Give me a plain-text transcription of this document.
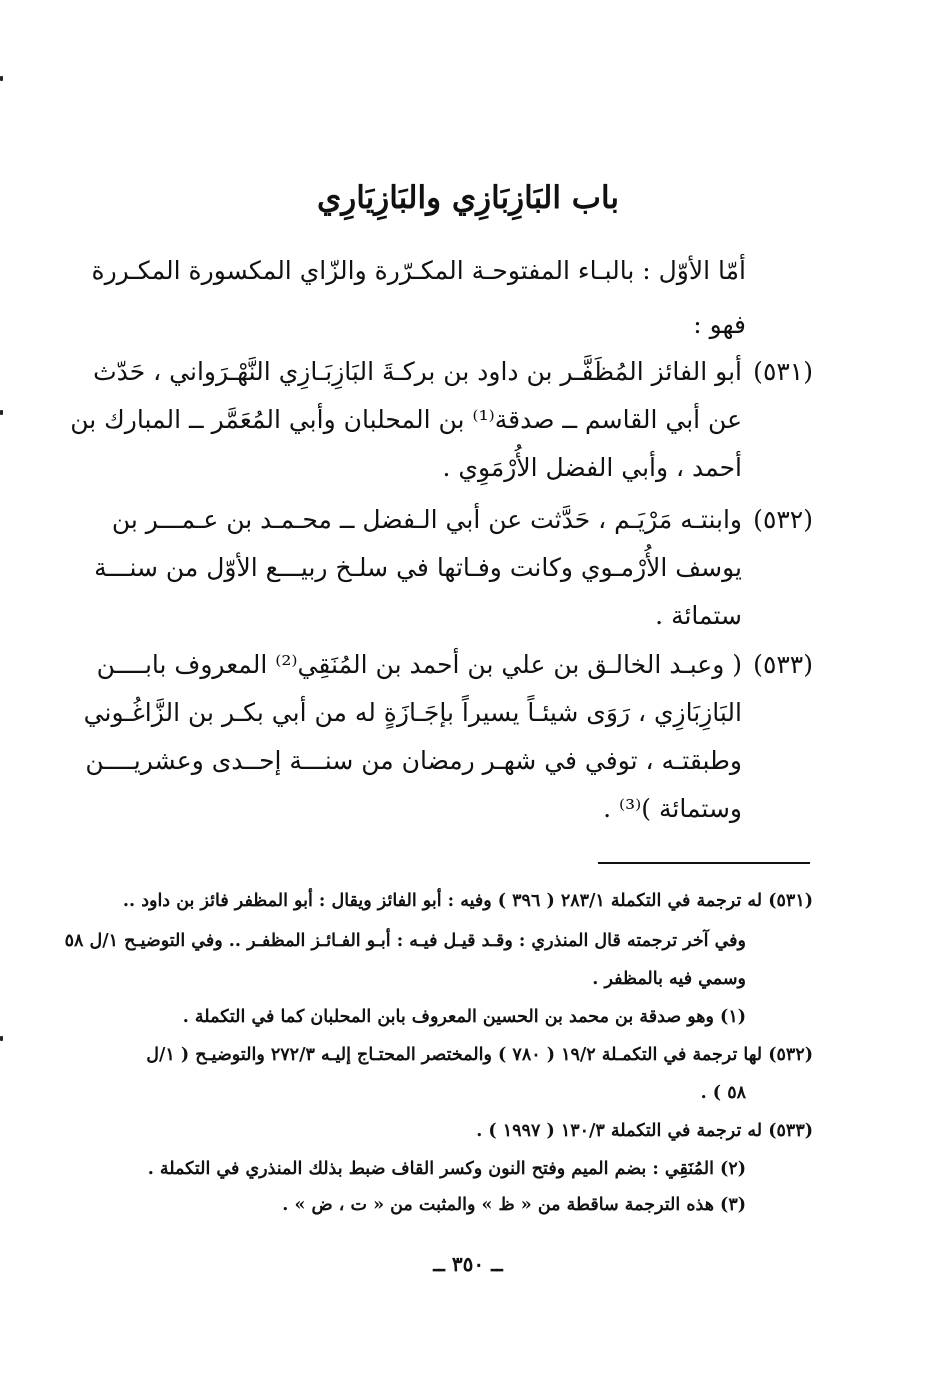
باب البَازِبَازِي والبَازِيَارِي
أمّا الأوّل : بالبـاء المفتوحـة المكـرّرة والزّاي المكسورة المكـررة
فهو :
(٥٣١)
أبو الفائز المُظَفَّـر بن داود بن بركـةَ البَازِبَـازِي النَّهْـرَواني ، حَدّث
عن أبي القاسم ــ صدقة⁽¹⁾ بن المحلبان وأبي المُعَمَّر ــ المبارك بن
أحمد ، وأبي الفضل الأُرْمَوِي .
(٥٣٢)
وابنتـه مَرْيَـم ، حَدَّثت عن أبي الـفضل ــ محـمـد بن عـمـــر بن
يوسف الأُرْمـوي وكانت وفـاتها في سلـخ ربيـــع الأوّل من سنـــة
ستمائة .
(٥٣٣)
( وعبـد الخالـق بن علي بن أحمد بن المُنَقِي⁽²⁾ المعروف بابــــن
البَازِبَازِي ، رَوَى شيئـاً يسيراً بإجَـازَةٍ له من أبي بكـر بن الزَّاغُـوني
وطبقتـه ، توفي في شهـر رمضان من سنـــة إحــدى وعشريــــن
وستمائة )⁽³⁾ .
(٥٣١) له ترجمة في التكملة ٢٨٣/١ ( ٣٩٦ ) وفيه : أبو الفائز ويقال : أبو المظفر فائز بن داود ..
وفي آخر ترجمته قال المنذري : وقـد قيـل فيـه : أبـو الفـائـز المظفـر .. وفي التوضيـح ١/ل ٥٨
وسمي فيه بالمظفر .
(١) وهو صدقة بن محمد بن الحسين المعروف بابن المحلبان كما في التكملة .
(٥٣٢) لها ترجمة في التكمـلة ١٩/٢ ( ٧٨٠ ) والمختصر المحتـاج إليـه ٢٧٢/٣ والتوضيـح ( ١/ل
٥٨ ) .
(٥٣٣) له ترجمة في التكملة ١٣٠/٣ ( ١٩٩٧ ) .
(٢) المُنَقِي : بضم الميم وفتح النون وكسر القاف ضبط بذلك المنذري في التكملة .
(٣) هذه الترجمة ساقطة من « ظ » والمثبت من « ت ، ض » .
ــ ٣٥٠ ــ
